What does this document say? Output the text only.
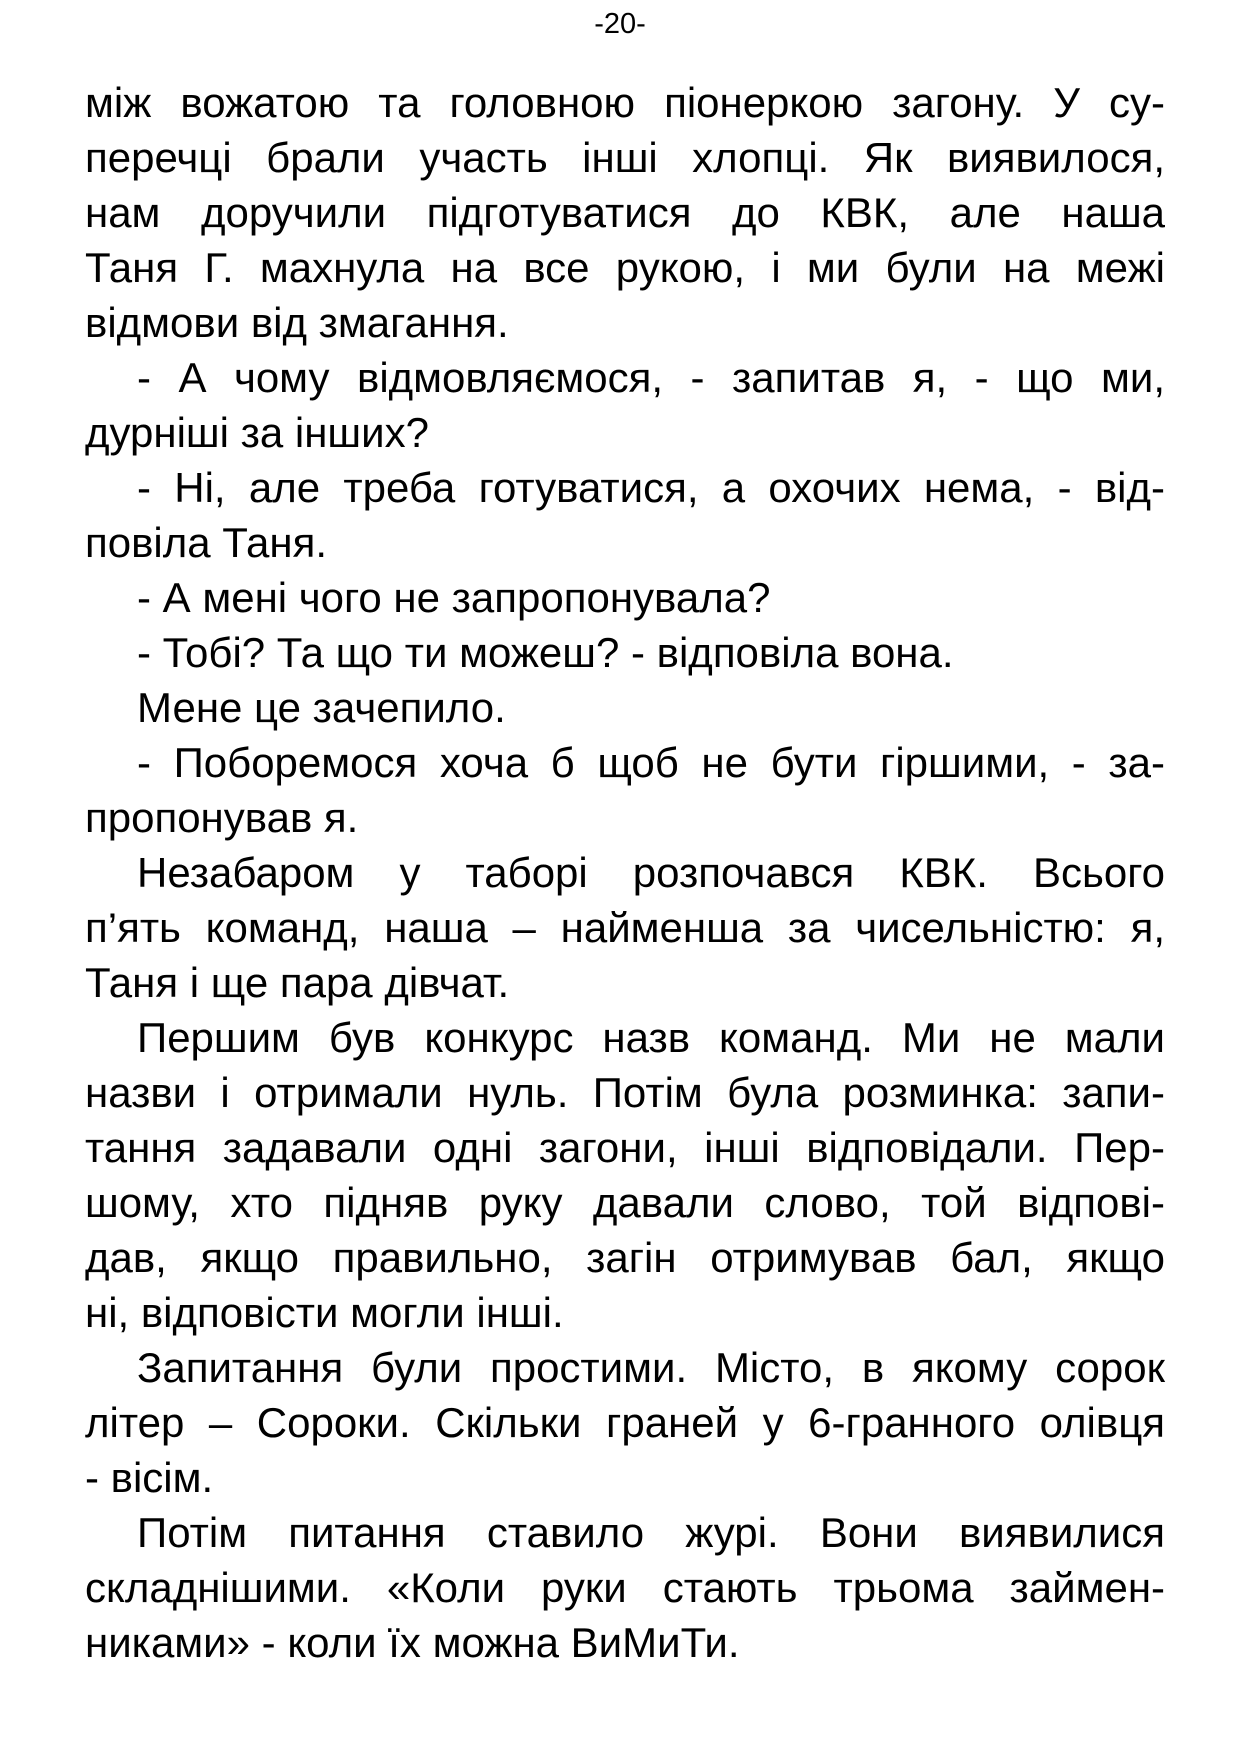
-20-
між вожатою та головною піонеркою загону. У су-
перечці брали участь інші хлопці. Як виявилося,
нам доручили підготуватися до КВК, але наша
Таня Г. махнула на все рукою, і ми були на межі
відмови від змагання.
- А чому відмовляємося, - запитав я, - що ми,
дурніші за інших?
- Ні, але треба готуватися, а охочих нема, - від-
повіла Таня.
- А мені чого не запропонувала?
- Тобі? Та що ти можеш? - відповіла вона.
Мене це зачепило.
- Поборемося хоча б щоб не бути гіршими, - за-
пропонував я.
Незабаром у таборі розпочався КВК. Всього
п’ять команд, наша – найменша за чисельністю: я,
Таня і ще пара дівчат.
Першим був конкурс назв команд. Ми не мали
назви і отримали нуль. Потім була розминка: запи-
тання задавали одні загони, інші відповідали. Пер-
шому, хто підняв руку давали слово, той відпові-
дав, якщо правильно, загін отримував бал, якщо
ні, відповісти могли інші.
Запитання були простими. Місто, в якому сорок
літер – Сороки. Скільки граней у 6-гранного олівця
- вісім.
Потім питання ставило журі. Вони виявилися
складнішими. «Коли руки стають трьома займен-
никами» - коли їх можна ВиМиТи.
